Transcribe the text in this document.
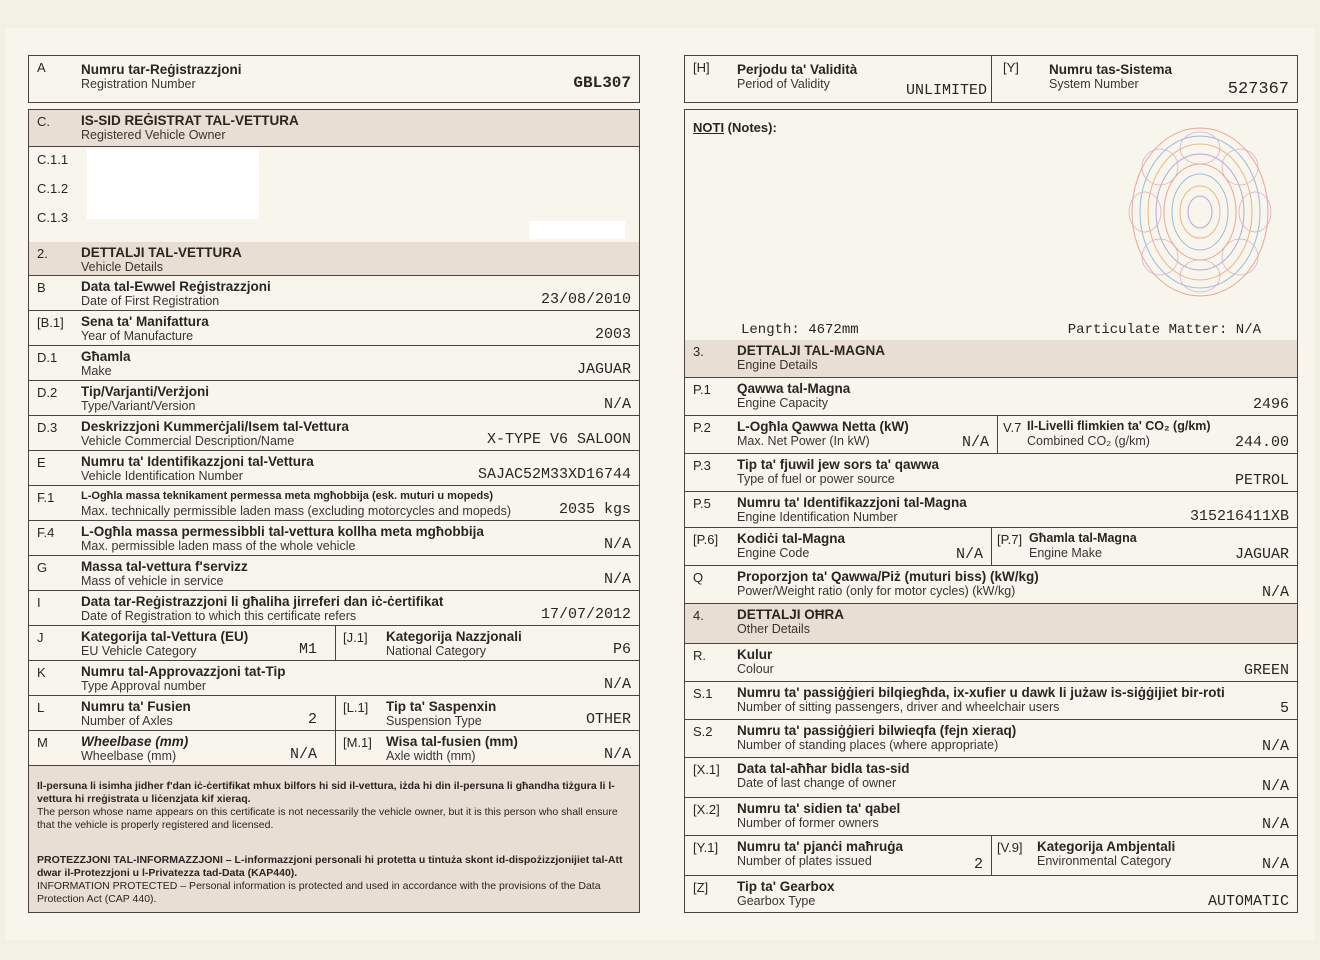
A	Numru tar-Reġistrazzjoni
Registration Number	GBL307
C. IS-SID REĠISTRAT TAL-VETTURA
Registered Vehicle Owner
C.1.1
C.1.2
C.1.3
2. DETTALJI TAL-VETTURA
Vehicle Details
B	Data tal-Ewwel Reġistrazzjoni
Date of First Registration	23/08/2010
[B.1] Sena ta' Manifattura
Year of Manufacture	2003
D.1 Għamla
Make	JAGUAR
D.2 Tip/Varjanti/Verżjoni
Type/Variant/Version	N/A
D.3 Deskrizzjoni Kummerċjali/Isem tal-Vettura
Vehicle Commercial Description/Name	X-TYPE V6 SALOON
E	Numru ta' Identifikazzjoni tal-Vettura
Vehicle Identification Number	SAJAC52M33XD16744
F.1 L-Ogħla massa teknikament permessa meta mgħobbija (esk. muturi u mopeds)
Max. technically permissible laden mass (excluding motorcycles and mopeds)	2035 kgs
F.4 L-Ogħla massa permessibbli tal-vettura kollha meta mgħobbija
Max. permissible laden mass of the whole vehicle	N/A
G	Massa tal-vettura f'servizz
Mass of vehicle in service	N/A
I	Data tar-Reġistrazzjoni li għaliha jirreferi dan iċ-ċertifikat
Date of Registration to which this certificate refers	17/07/2012
J	Kategorija tal-Vettura (EU)
EU Vehicle Category	M1
[J.1] Kategorija Nazzjonali
National Category	P6
K	Numru tal-Approvazzjoni tat-Tip
Type Approval number	N/A
L	Numru ta' Fusien
Number of Axles	2
[L.1] Tip ta' Saspenxin
Suspension Type	OTHER
M Wheelbase (mm)
Wheelbase (mm)	N/A
[M.1] Wisa tal-fusien (mm)
Axle width (mm)	N/A
Il-persuna li isimha jidher f'dan iċ-ċertifikat mhux bilfors hi sid il-vettura, iżda hi din il-persuna li għandha tiżgura li l-vettura hi rreġistrata u liċenzjata kif xieraq.
The person whose name appears on this certificate is not necessarily the vehicle owner, but it is this person who shall ensure that the vehicle is properly registered and licensed.
PROTEZZJONI TAL-INFORMAZZJONI – L-informazzjoni personali hi protetta u tintuża skont id-dispożizzjonijiet tal-Att dwar il-Protezzjoni u l-Privatezza tad-Data (KAP440).
INFORMATION PROTECTED – Personal information is protected and used in accordance with the provisions of the Data Protection Act (CAP 440).
[H] Perjodu ta' Validità
Period of Validity	UNLIMITED
[Y] Numru tas-Sistema
System Number	527367
NOTI (Notes):
Length: 4672mm	Particulate Matter: N/A
3. DETTALJI TAL-MAGNA
Engine Details
P.1 Qawwa tal-Magna
Engine Capacity	2496
P.2 L-Ogħla Qawwa Netta (kW)
Max. Net Power (In kW)	N/A
V.7 Il-Livelli flimkien ta' CO₂ (g/km)
Combined CO₂ (g/km)	244.00
P.3 Tip ta' fjuwil jew sors ta' qawwa
Type of fuel or power source	PETROL
P.5 Numru ta' Identifikazzjoni tal-Magna
Engine Identification Number	315216411XB
[P.6] Kodiċi tal-Magna
Engine Code	N/A
[P.7] Għamla tal-Magna
Engine Make	JAGUAR
Q	Proporzjon ta' Qawwa/Piż (muturi biss) (kW/kg)
Power/Weight ratio (only for motor cycles) (kW/kg)	N/A
4. DETTALJI OĦRA
Other Details
R. Kulur
Colour	GREEN
S.1 Numru ta' passiġġieri bilqiegħda, ix-xufier u dawk li jużaw is-siġġijiet bir-roti
Number of sitting passengers, driver and wheelchair users	5
S.2 Numru ta' passiġġieri bilwieqfa (fejn xieraq)
Number of standing places (where appropriate)	N/A
[X.1] Data tal-aħħar bidla tas-sid
Date of last change of owner	N/A
[X.2] Numru ta' sidien ta' qabel
Number of former owners	N/A
[Y.1] Numru ta' pjanċi maħruġa
Number of plates issued	2
[V.9] Kategorija Ambjentali
Environmental Category	N/A
[Z] Tip ta' Gearbox
Gearbox Type	AUTOMATIC
